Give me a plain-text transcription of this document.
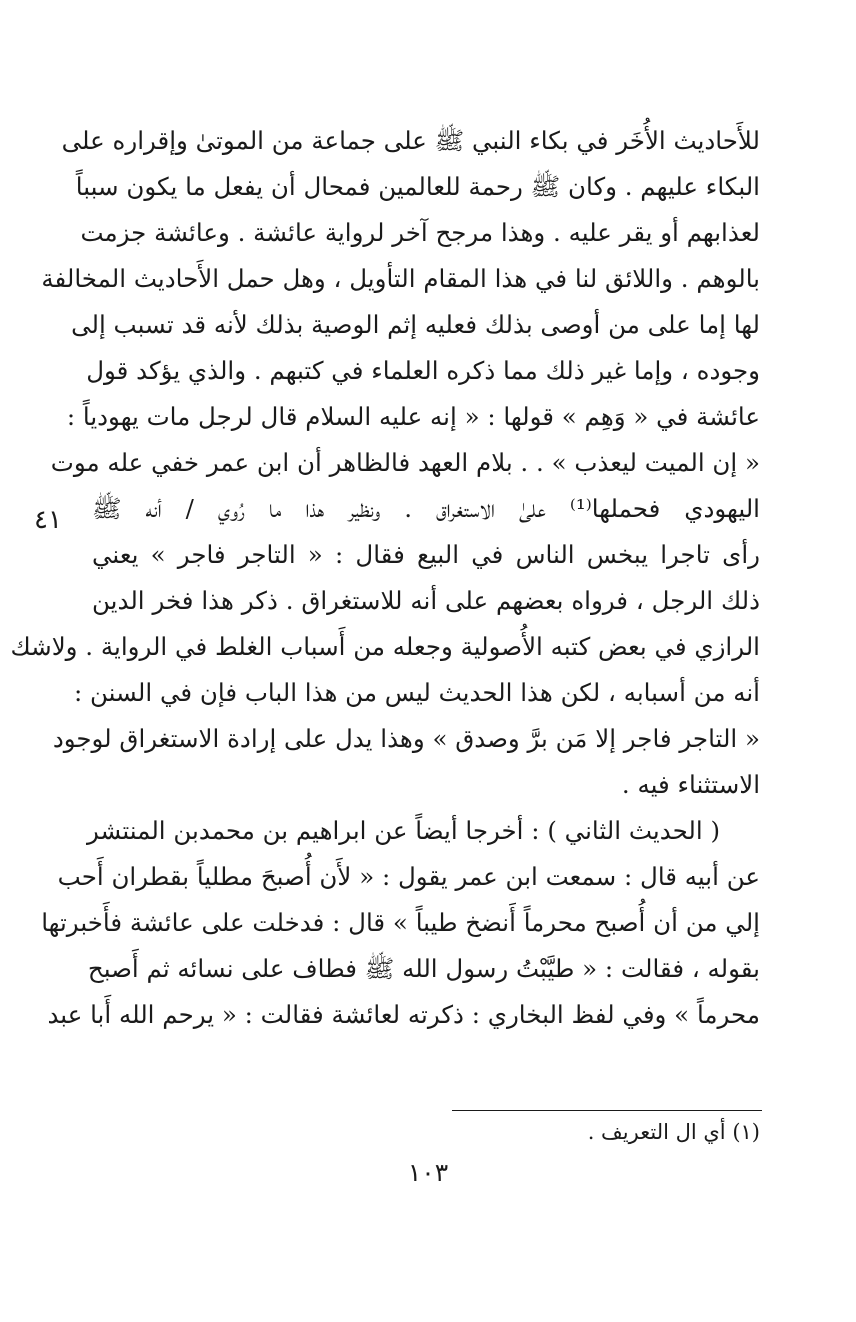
للأَحاديث الأُخَر في بكاء النبي ﷺ على جماعة من الموتىٰ وإقراره على
البكاء عليهم . وكان ﷺ رحمة للعالمين فمحال أن يفعل ما يكون سبباً
لعذابهم أو يقر عليه . وهذا مرجح آخر لرواية عائشة . وعائشة جزمت
بالوهم . واللائق لنا في هذا المقام التأويل ، وهل حمل الأَحاديث المخالفة
لها إما على من أوصى بذلك فعليه إثم الوصية بذلك لأنه قد تسبب إلى
وجوده ، وإما غير ذلك مما ذكره العلماء في كتبهم . والذي يؤكد قول
عائشة في « وَهِم » قولها : « إنه عليه السلام قال لرجل مات يهودياً :
« إن الميت ليعذب » . . بلام العهد فالظاهر أن ابن عمر خفي عله موت
اليهودي فحملها⁽¹⁾ علىٰ الاستغراق . ونظير هذا ما رُوي / أنه ﷺ
رأى تاجرا يبخس الناس في البيع فقال : « التاجر فاجر » يعني
ذلك الرجل ، فرواه بعضهم على أنه للاستغراق . ذكر هذا فخر الدين
الرازي في بعض كتبه الأُصولية وجعله من أَسباب الغلط في الرواية . ولاشك
أنه من أسبابه ، لكن هذا الحديث ليس من هذا الباب فإن في السنن :
« التاجر فاجر إلا مَن برَّ وصدق » وهذا يدل على إرادة الاستغراق لوجود
الاستثناء فيه .
( الحديث الثاني ) : أخرجا أيضاً عن ابراهيم بن محمدبن المنتشر
عن أبيه قال : سمعت ابن عمر يقول : « لأَن أُصبحَ مطلياً بقطران أَحب
إلي من أن أُصبح محرماً أَنضخ طيباً » قال : فدخلت على عائشة فأَخبرتها
بقوله ، فقالت : « طيَّبْتُ رسول الله ﷺ فطاف على نسائه ثم أَصبح
محرماً » وفي لفظ البخاري : ذكرته لعائشة فقالت : « يرحم الله أَبا عبد
٤١
(١) أي ال التعريف .
١٠٣
